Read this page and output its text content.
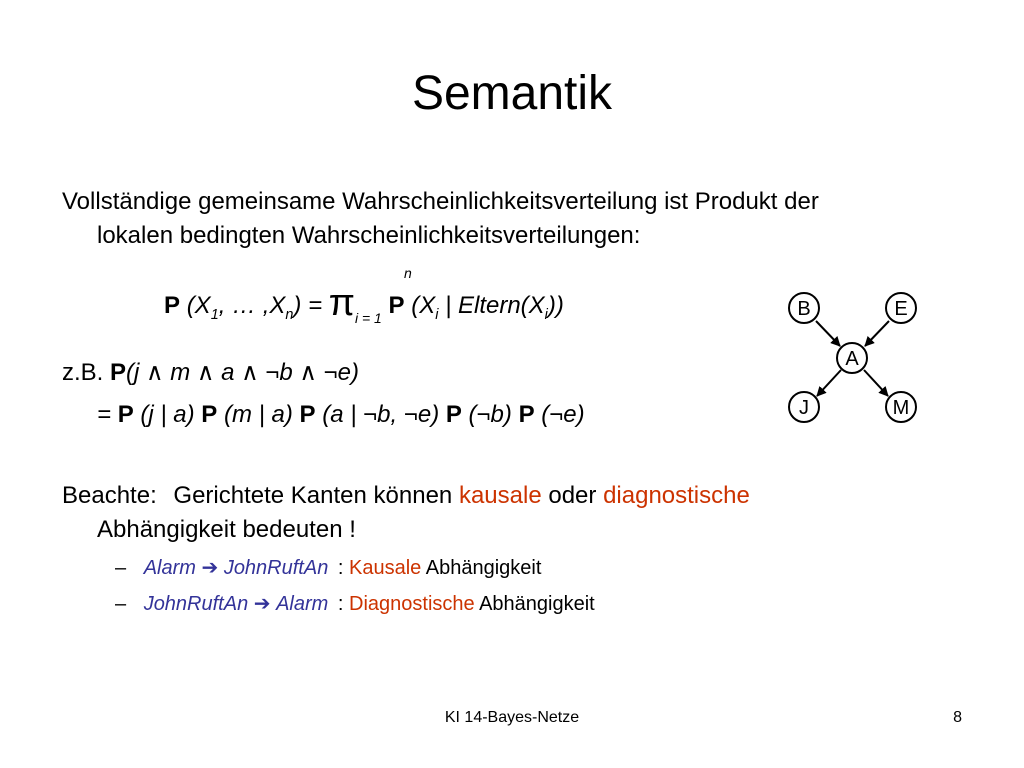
Semantik
Vollständige gemeinsame Wahrscheinlichkeitsverteilung ist Produkt der
lokalen bedingten Wahrscheinlichkeitsverteilungen:
P ($X_1$, … $,X_n) = \pi_{i = 1}$ P ($X_i$ | $Eltern(X_i)$)
n
z.B. P(j ∧ m ∧ a ∧ ¬b ∧ ¬e)
= P (j | a) P (m | a) P (a | ¬b, ¬e) P (¬b) P (¬e)
Beachte: Gerichtete Kanten können kausale oder diagnostische
Abhängigkeit bedeuten !
– Alarm ➔ JohnRuftAn : Kausale Abhängigkeit
– JohnRuftAn ➔ Alarm : Diagnostische Abhängigkeit
B	E
A
J	M
KI 14-Bayes-Netze	8
